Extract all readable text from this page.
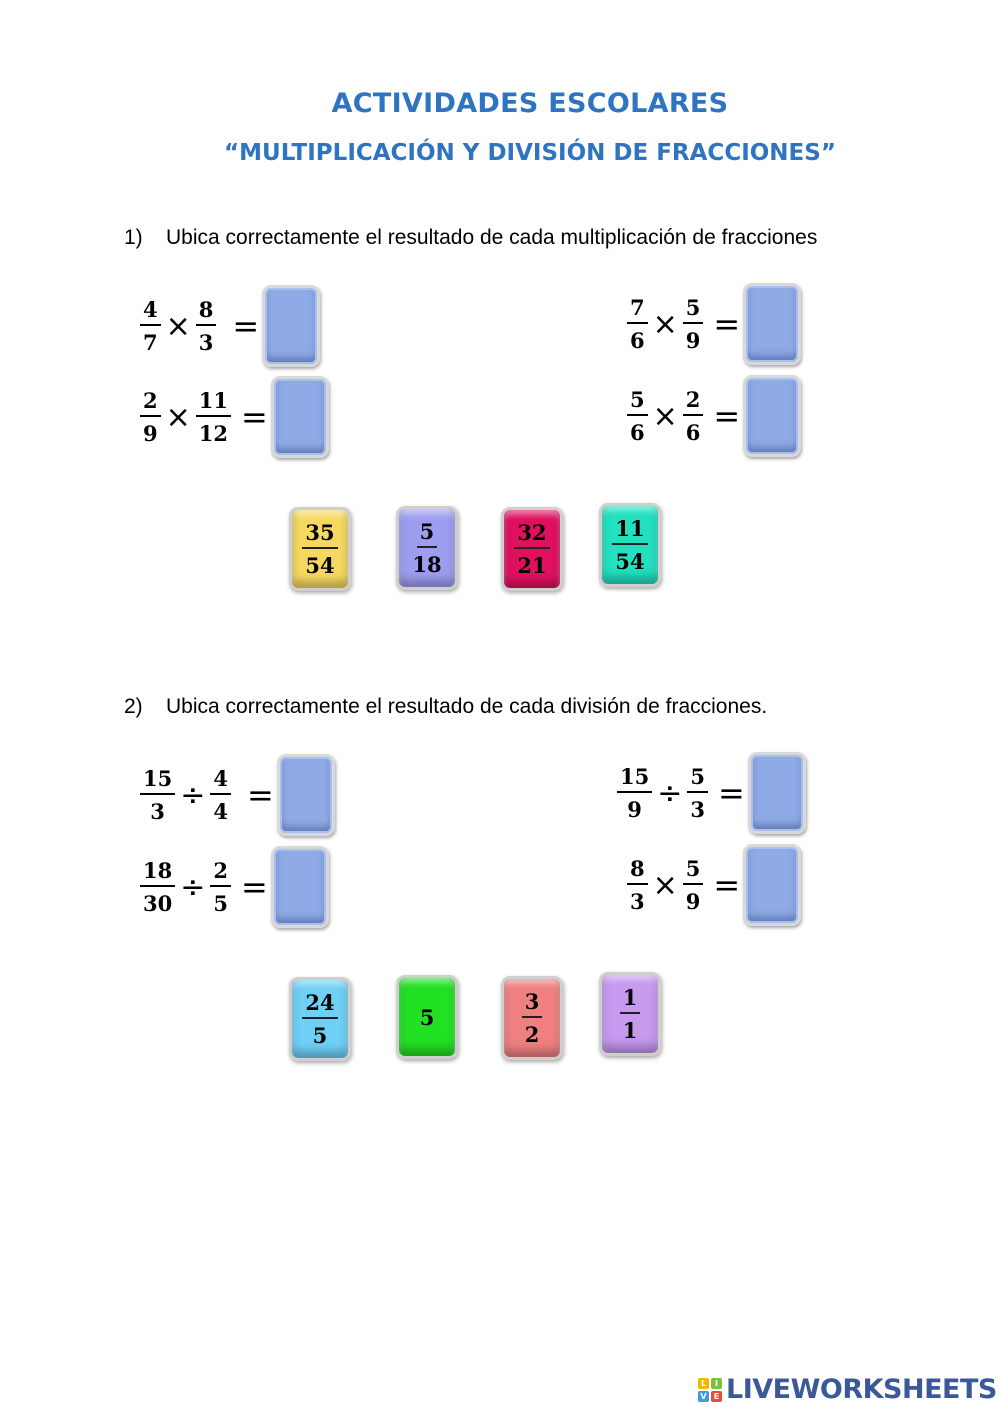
ACTIVIDADES ESCOLARES
“MULTIPLICACIÓN Y DIVISIÓN DE FRACCIONES”
1) Ubica correctamente el resultado de cada multiplicación de fracciones
$\frac{4}{7} \times \frac{8}{3}$ =
$\frac{2}{9} \times \frac{11}{12}$ =
$\frac{7}{6} \times \frac{5}{9}$ =
$\frac{5}{6} \times \frac{2}{6}$ =
$\frac{35}{54}$	$\frac{5}{18}$	$\frac{32}{21}$	$\frac{11}{54}$
2) Ubica correctamente el resultado de cada división de fracciones.
$\frac{15}{3} \div \frac{4}{4}$ =
$\frac{18}{30} \div \frac{2}{5}$ =
$\frac{15}{9} \div \frac{5}{3}$ =
$\frac{8}{3} \times \frac{5}{9}$ =
$\frac{24}{5}$	5	$\frac{3}{2}$	$\frac{1}{1}$
L	I
V E LIVEWORKSHEETS
